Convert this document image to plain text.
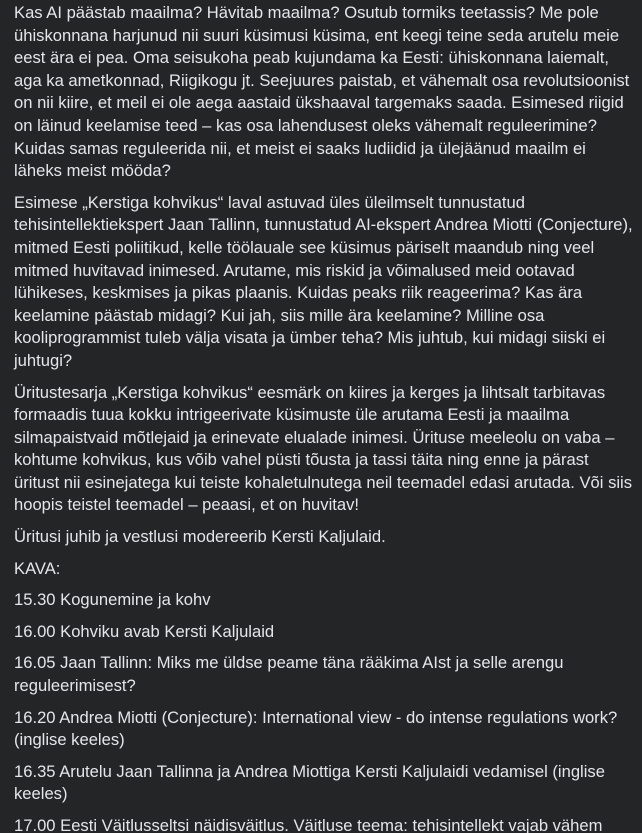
Kas AI päästab maailma? Hävitab maailma? Osutub tormiks teetassis? Me pole ühiskonnana harjunud nii suuri küsimusi küsima, ent keegi teine seda arutelu meie eest ära ei pea. Oma seisukoha peab kujundama ka Eesti: ühiskonnana laiemalt, aga ka ametkonnad, Riigikogu jt. Seejuures paistab, et vähemalt osa revolutsioonist on nii kiire, et meil ei ole aega aastaid ükshaaval targemaks saada. Esimesed riigid on läinud keelamise teed – kas osa lahendusest oleks vähemalt reguleerimine? Kuidas samas reguleerida nii, et meist ei saaks ludiidid ja ülejäänud maailm ei läheks meist mööda?

Esimese „Kerstiga kohvikus“ laval astuvad üles üleilmselt tunnustatud tehisintellektiekspert Jaan Tallinn, tunnustatud AI-ekspert Andrea Miotti (Conjecture), mitmed Eesti poliitikud, kelle töölauale see küsimus päriselt maandub ning veel mitmed huvitavad inimesed. Arutame, mis riskid ja võimalused meid ootavad lühikeses, keskmises ja pikas plaanis. Kuidas peaks riik reageerima? Kas ära keelamine päästab midagi? Kui jah, siis mille ära keelamine? Milline osa kooliprogrammist tuleb välja visata ja ümber teha? Mis juhtub, kui midagi siiski ei juhtugi?

Üritustesarja „Kerstiga kohvikus“ eesmärk on kiires ja kerges ja lihtsalt tarbitavas formaadis tuua kokku intrigeerivate küsimuste üle arutama Eesti ja maailma silmapaistvaid mõtlejaid ja erinevate elualade inimesi. Ürituse meeleolu on vaba – kohtume kohvikus, kus võib vahel püsti tõusta ja tassi täita ning enne ja pärast üritust nii esinejatega kui teiste kohaletulnutega neil teemadel edasi arutada. Või siis hoopis teistel teemadel – peaasi, et on huvitav!

Üritusi juhib ja vestlusi modereerib Kersti Kaljulaid.

KAVA:

15.30 Kogunemine ja kohv

16.00 Kohviku avab Kersti Kaljulaid

16.05 Jaan Tallinn: Miks me üldse peame täna rääkima AIst ja selle arengu reguleerimisest?

16.20 Andrea Miotti (Conjecture): International view - do intense regulations work? (inglise keeles)

16.35 Arutelu Jaan Tallinna ja Andrea Miottiga Kersti Kaljulaidi vedamisel (inglise keeles)

17.00 Eesti Väitlusseltsi näidisväitlus. Väitluse teema: tehisintellekt vajab vähem
